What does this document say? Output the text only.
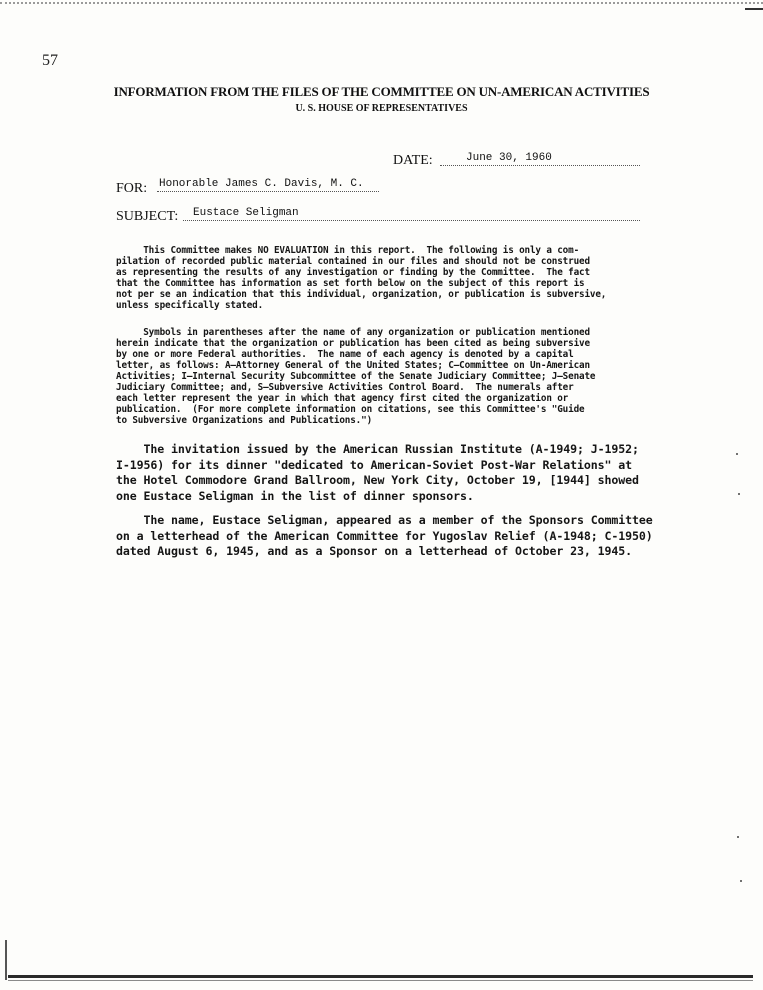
57
INFORMATION FROM THE FILES OF THE COMMITTEE ON UN-AMERICAN ACTIVITIES
U. S. HOUSE OF REPRESENTATIVES
DATE:	June 30, 1960
FOR: Honorable James C. Davis, M. C.
SUBJECT:	Eustace Seligman
This Committee makes NO EVALUATION in this report.  The following is only a com-
pilation of recorded public material contained in our files and should not be construed
as representing the results of any investigation or finding by the Committee.  The fact
that the Committee has information as set forth below on the subject of this report is
not per se an indication that this individual, organization, or publication is subversive,
unless specifically stated.
Symbols in parentheses after the name of any organization or publication mentioned
herein indicate that the organization or publication has been cited as being subversive
by one or more Federal authorities.  The name of each agency is denoted by a capital
letter, as follows: A—Attorney General of the United States; C—Committee on Un-American
Activities; I—Internal Security Subcommittee of the Senate Judiciary Committee; J—Senate
Judiciary Committee; and, S—Subversive Activities Control Board.  The numerals after
each letter represent the year in which that agency first cited the organization or
publication.  (For more complete information on citations, see this Committee's "Guide
to Subversive Organizations and Publications.")
The invitation issued by the American Russian Institute (A-1949; J-1952;
I-1956) for its dinner "dedicated to American-Soviet Post-War Relations" at
the Hotel Commodore Grand Ballroom, New York City, October 19, [1944] showed
one Eustace Seligman in the list of dinner sponsors.
The name, Eustace Seligman, appeared as a member of the Sponsors Committee
on a letterhead of the American Committee for Yugoslav Relief (A-1948; C-1950)
dated August 6, 1945, and as a Sponsor on a letterhead of October 23, 1945.
